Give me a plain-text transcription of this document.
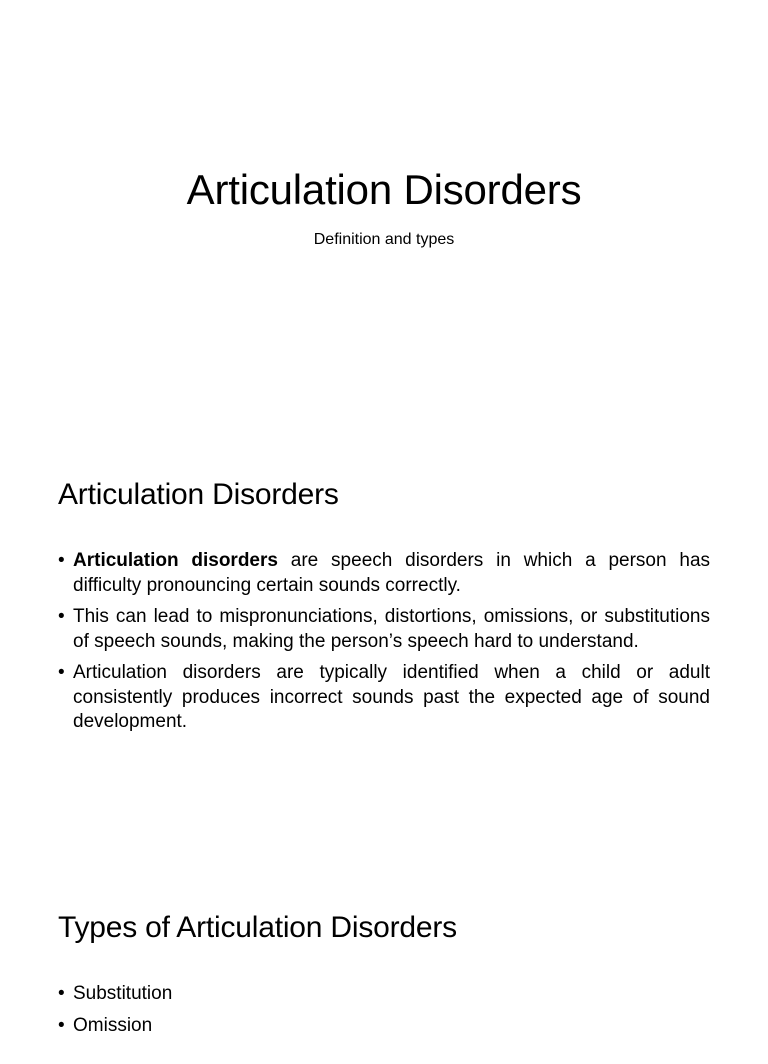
Articulation Disorders

Definition and types

Articulation Disorders
• Articulation disorders are speech disorders in which a person has difficulty pronouncing certain sounds correctly.
• This can lead to mispronunciations, distortions, omissions, or substitutions of speech sounds, making the person’s speech hard to understand.
• Articulation disorders are typically identified when a child or adult consistently produces incorrect sounds past the expected age of sound development.
Types of Articulation Disorders
• Substitution
• Omission
